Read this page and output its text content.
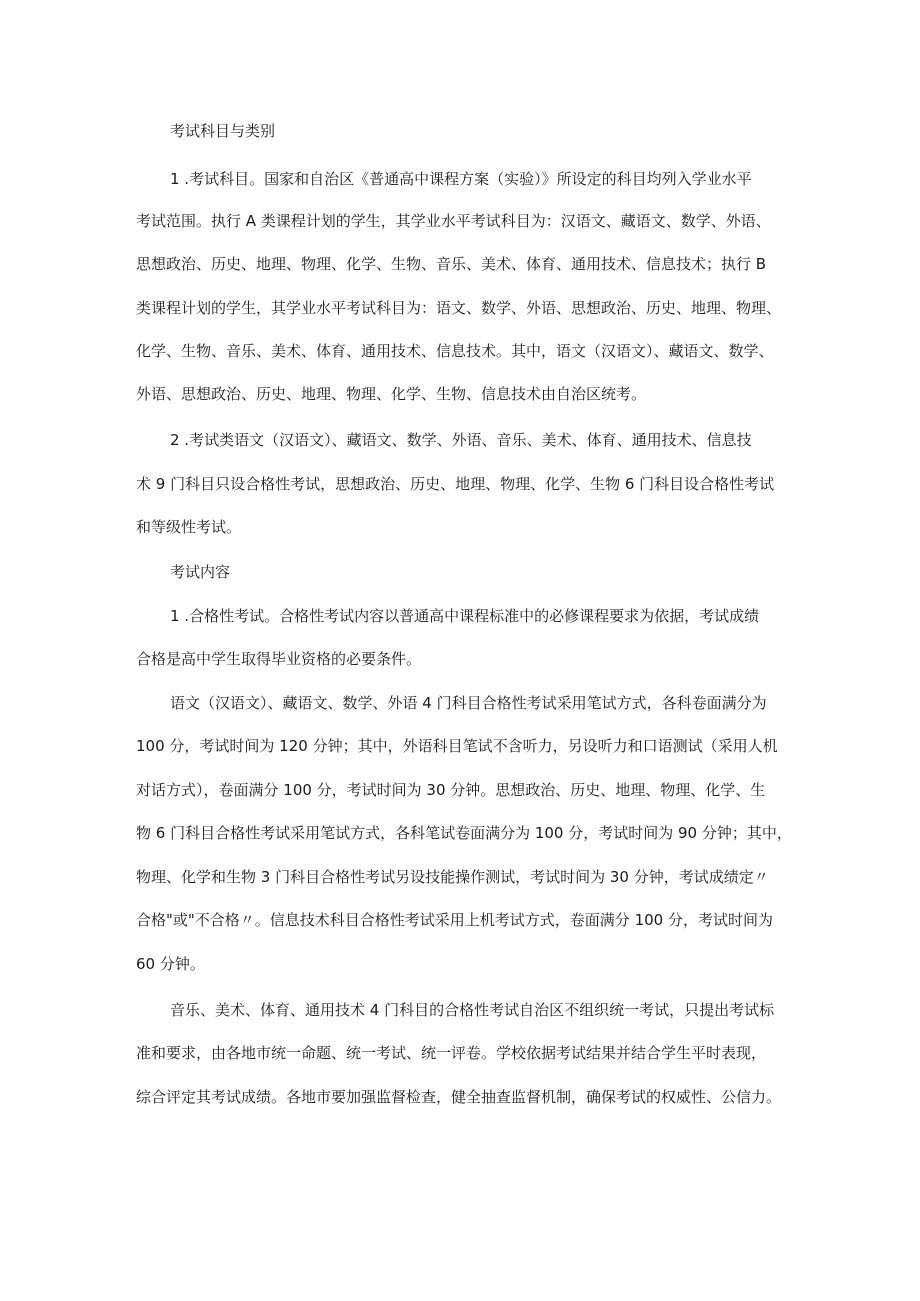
考试科目与类别

1 .考试科目。国家和自治区《普通高中课程方案（实验）》所设定的科目均列入学业水平

考试范围。执行 A 类课程计划的学生，其学业水平考试科目为：汉语文、藏语文、数学、外语、

思想政治、历史、地理、物理、化学、生物、音乐、美术、体育、通用技术、信息技术；执行 B

类课程计划的学生，其学业水平考试科目为：语文、数学、外语、思想政治、历史、地理、物理、

化学、生物、音乐、美术、体育、通用技术、信息技术。其中，语文（汉语文）、藏语文、数学、

外语、思想政治、历史、地理、物理、化学、生物、信息技术由自治区统考。

2 .考试类语文（汉语文）、藏语文、数学、外语、音乐、美术、体育、通用技术、信息技

术 9 门科目只设合格性考试，思想政治、历史、地理、物理、化学、生物 6 门科目设合格性考试

和等级性考试。

考试内容

1 .合格性考试。合格性考试内容以普通高中课程标准中的必修课程要求为依据，考试成绩

合格是高中学生取得毕业资格的必要条件。

语文（汉语文）、藏语文、数学、外语 4 门科目合格性考试采用笔试方式，各科卷面满分为

100 分，考试时间为 120 分钟；其中，外语科目笔试不含听力，另设听力和口语测试（采用人机

对话方式），卷面满分 100 分，考试时间为 30 分钟。思想政治、历史、地理、物理、化学、生

物 6 门科目合格性考试采用笔试方式，各科笔试卷面满分为 100 分，考试时间为 90 分钟；其中，

物理、化学和生物 3 门科目合格性考试另设技能操作测试，考试时间为 30 分钟，考试成绩定〃

合格"或"不合格〃。信息技术科目合格性考试采用上机考试方式，卷面满分 100 分，考试时间为

60 分钟。

音乐、美术、体育、通用技术 4 门科目的合格性考试自治区不组织统一考试，只提出考试标

准和要求，由各地市统一命题、统一考试、统一评卷。学校依据考试结果并结合学生平时表现，

综合评定其考试成绩。各地市要加强监督检查，健全抽查监督机制，确保考试的权威性、公信力。
